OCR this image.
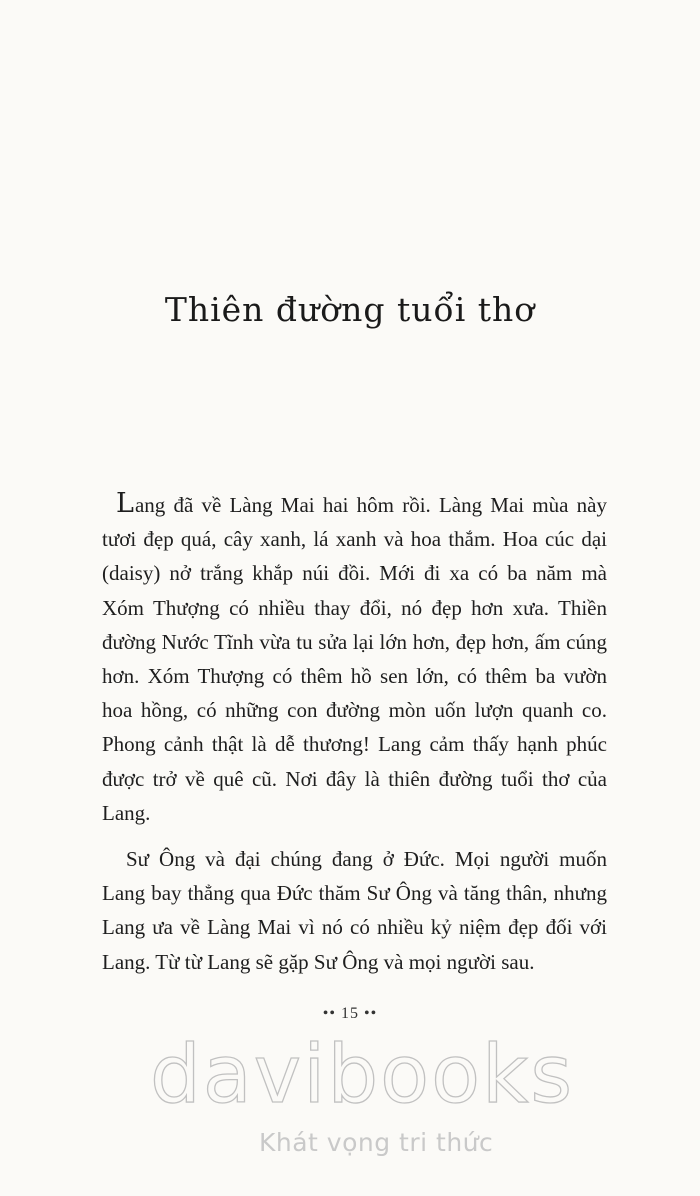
Thiên đường tuổi thơ

Lang đã về Làng Mai hai hôm rồi. Làng Mai mùa này tươi đẹp quá, cây xanh, lá xanh và hoa thắm. Hoa cúc dại (daisy) nở trắng khắp núi đồi. Mới đi xa có ba năm mà Xóm Thượng có nhiều thay đổi, nó đẹp hơn xưa. Thiền đường Nước Tĩnh vừa tu sửa lại lớn hơn, đẹp hơn, ấm cúng hơn. Xóm Thượng có thêm hồ sen lớn, có thêm ba vườn hoa hồng, có những con đường mòn uốn lượn quanh co. Phong cảnh thật là dễ thương! Lang cảm thấy hạnh phúc được trở về quê cũ. Nơi đây là thiên đường tuổi thơ của Lang.

Sư Ông và đại chúng đang ở Đức. Mọi người muốn Lang bay thẳng qua Đức thăm Sư Ông và tăng thân, nhưng Lang ưa về Làng Mai vì nó có nhiều kỷ niệm đẹp đối với Lang. Từ từ Lang sẽ gặp Sư Ông và mọi người sau.

•• 15 ••
davibooks
Khát vọng tri thức
